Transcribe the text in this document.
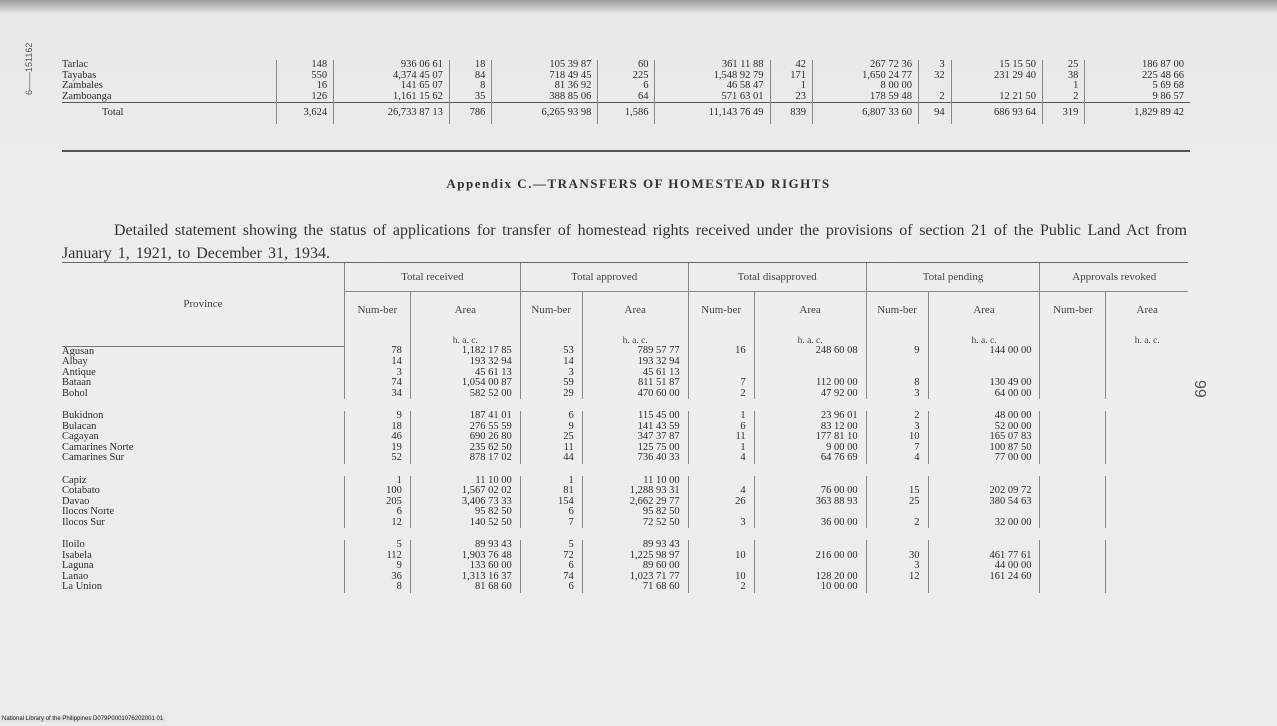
6——151162	Tarlac	148	936 06 61	18	105 39 87	60	361 11 88	42	267 72 36	3	15 15 50	25	186 87 00
Tayabas	550	4,374 45 07	84	718 49 45	225	1,548 92 79	171	1,650 24 77	32	231 29 40	38	225 48 66
Zambales	16	141 65 07	8	81 36 92	6	46 58 47	1	8 00 00			1	5 69 68
Zamboanga	126	1,161 15 62	35	388 85 06	64	571 63 01	23	178 59 48	2	12 21 50	2	9 86 57
Total	3,624	26,733 87 13	786	6,265 93 98	1,586	11,143 76 49	839	6,807 33 60	94	686 93 64	319	1,829 89 42
Appendix C.—TRANSFERS OF HOMESTEAD RIGHTS

Detailed statement showing the status of applications for transfer of homestead rights received under the provisions of section 21 of the Public Land Act from January 1, 1921, to December 31, 1934.

99
Province	Total received		Total approved		Total disapproved		Total pending		Approvals revoked	
	Num-ber	Area	Num-ber	Area	Num-ber	Area	Num-ber	Area	Num-ber	Area
		h. a. c.		h. a. c.		h. a. c.		h. a. c.		h. a. c.
Agusan	78	1,182 17 85	53	789 57 77	16	248 60 08	9	144 00 00		
Albay	14	193 32 94	14	193 32 94						
Antique	3	45 61 13	3	45 61 13						
Bataan	74	1,054 00 87	59	811 51 87	7	112 00 00	8	130 49 00		
Bohol	34	582 52 00	29	470 60 00	2	47 92 00	3	64 00 00		

Bukidnon	9	187 41 01	6	115 45 00	1	23 96 01	2	48 00 00		
Bulacan	18	276 55 59	9	141 43 59	6	83 12 00	3	52 00 00		
Cagayan	46	690 26 80	25	347 37 87	11	177 81 10	10	165 07 83		
Camarines Norte	19	235 62 50	11	125 75 00	1	9 00 00	7	100 87 50		
Camarines Sur	52	878 17 02	44	736 40 33	4	64 76 69	4	77 00 00		

Capiz	1	11 10 00	1	11 10 00						
Cotabato	100	1,567 02 02	81	1,288 93 31	4	76 00 00	15	202 09 72		
Davao	205	3,406 73 33	154	2,662 29 77	26	363 88 93	25	380 54 63		
Ilocos Norte	6	95 82 50	6	95 82 50						
Ilocos Sur	12	140 52 50	7	72 52 50	3	36 00 00	2	32 00 00		

Iloilo	5	89 93 43	5	89 93 43						
Isabela	112	1,903 76 48	72	1,225 98 97	10	216 00 00	30	461 77 61		
Laguna	9	133 60 00	6	89 60 00			3	44 00 00		
Lanao	36	1,313 16 37	74	1,023 71 77	10	128 20 00	12	161 24 60		
La Union	8	81 68 60	6	71 68 60	2	10 00 00				
National Library of the Philippines D079P0001076202001 01
